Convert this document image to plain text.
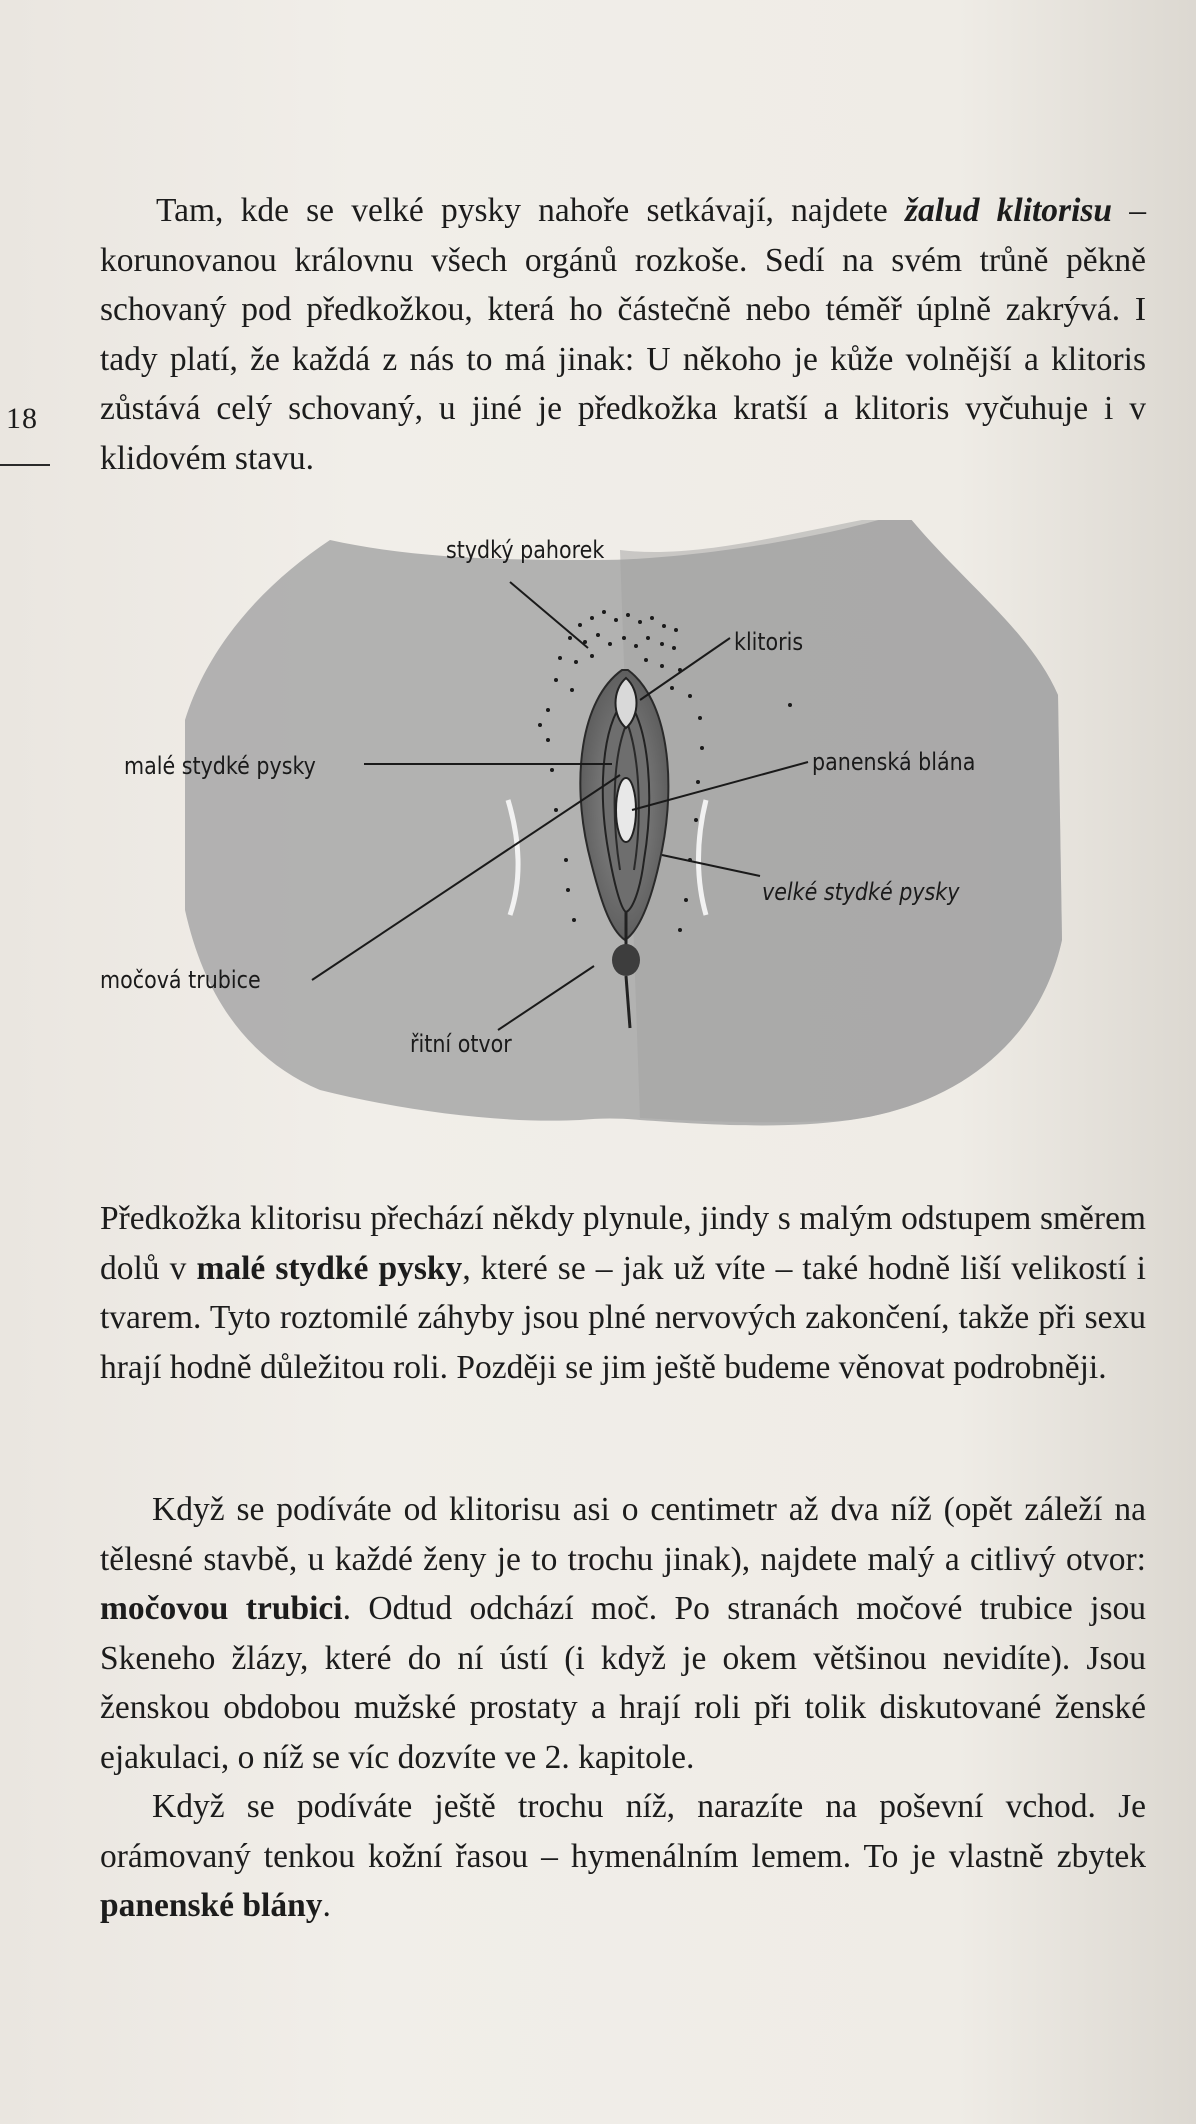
18

Tam, kde se velké pysky nahoře setkávají, najdete žalud klitorisu – korunovanou královnu všech orgánů rozkoše. Sedí na svém trůně pěkně schovaný pod předkožkou, která ho částečně nebo téměř úplně zakrývá. I tady platí, že každá z nás to má jinak: U někoho je kůže volnější a klitoris zůstává celý schovaný, u jiné je předkožka kratší a klitoris vyčuhuje i v klidovém stavu.

stydký pahorek
klitoris
malé stydké pysky	panenská blána
velké stydké pysky
močová trubice
řitní otvor

Předkožka klitorisu přechází někdy plynule, jindy s malým odstupem směrem dolů v malé stydké pysky, které se – jak už víte – také hodně liší velikostí i tvarem. Tyto roztomilé záhyby jsou plné nervových zakončení, takže při sexu hrají hodně důležitou roli. Později se jim ještě budeme věnovat podrobněji.

Když se podíváte od klitorisu asi o centimetr až dva níž (opět záleží na tělesné stavbě, u každé ženy je to trochu jinak), najdete malý a citlivý otvor: močovou trubici. Odtud odchází moč. Po stranách močové trubice jsou Skeneho žlázy, které do ní ústí (i když je okem většinou nevidíte). Jsou ženskou obdobou mužské prostaty a hrají roli při tolik diskutované ženské ejakulaci, o níž se víc dozvíte ve 2. kapitole.

Když se podíváte ještě trochu níž, narazíte na poševní vchod. Je orámovaný tenkou kožní řasou – hymenálním lemem. To je vlastně zbytek panenské blány.
